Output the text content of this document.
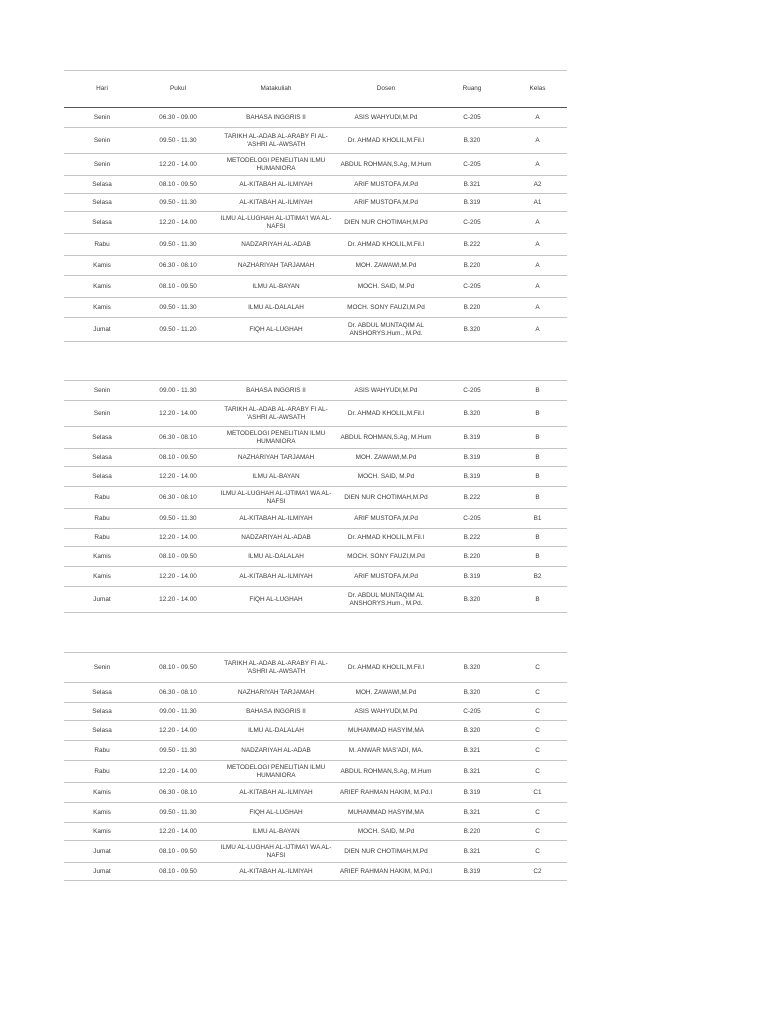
Hari	Pukul	Matakuliah	Dosen	Ruang	Kelas
Senin	06.30 - 09.00	BAHASA INGGRIS II	ASIS WAHYUDI,M.Pd	C-205	A
Senin	09.50 - 11.30	TARIKH AL-ADAB AL-ARABY FI AL-'ASHRI AL-AWSATH	Dr. AHMAD KHOLIL,M.Fil.I	B.320	A
Senin	12.20 - 14.00	METODELOGI PENELITIAN ILMU HUMANIORA	ABDUL ROHMAN,S.Ag, M.Hum	C-205	A
Selasa	08.10 - 09.50	AL-KITABAH AL-ILMIYAH	ARIF MUSTOFA,M.Pd	B.321	A2
Selasa	09.50 - 11.30	AL-KITABAH AL-ILMIYAH	ARIF MUSTOFA,M.Pd	B.319	A1
Selasa	12.20 - 14.00	ILMU AL-LUGHAH AL-IJTIMA'I WA AL-NAFSI	DIEN NUR CHOTIMAH,M.Pd	C-205	A
Rabu	09.50 - 11.30	NADZARIYAH AL-ADAB	Dr. AHMAD KHOLIL,M.Fil.I	B.222	A
Kamis	06.30 - 08.10	NAZHARIYAH TARJAMAH	MOH. ZAWAWI,M.Pd	B.220	A
Kamis	08.10 - 09.50	ILMU AL-BAYAN	MOCH. SAID, M.Pd	C-205	A
Kamis	09.50 - 11.30	ILMU AL-DALALAH	MOCH. SONY FAUZI,M.Pd	B.220	A
Jumat	09.50 - 11.20	FIQH AL-LUGHAH	Dr. ABDUL MUNTAQIM AL ANSHORYS.Hum., M.Pd.	B.320	A
Senin	09.00 - 11.30	BAHASA INGGRIS II	ASIS WAHYUDI,M.Pd	C-205	B
Senin	12.20 - 14.00	TARIKH AL-ADAB AL-ARABY FI AL-'ASHRI AL-AWSATH	Dr. AHMAD KHOLIL,M.Fil.I	B.320	B
Selasa	06.30 - 08.10	METODELOGI PENELITIAN ILMU HUMANIORA	ABDUL ROHMAN,S.Ag, M.Hum	B.319	B
Selasa	08.10 - 09.50	NAZHARIYAH TARJAMAH	MOH. ZAWAWI,M.Pd	B.319	B
Selasa	12.20 - 14.00	ILMU AL-BAYAN	MOCH. SAID, M.Pd	B.319	B
Rabu	06.30 - 08.10	ILMU AL-LUGHAH AL-IJTIMA'I WA AL-NAFSI	DIEN NUR CHOTIMAH,M.Pd	B.222	B
Rabu	09.50 - 11.30	AL-KITABAH AL-ILMIYAH	ARIF MUSTOFA,M.Pd	C-205	B1
Rabu	12.20 - 14.00	NADZARIYAH AL-ADAB	Dr. AHMAD KHOLIL,M.Fil.I	B.222	B
Kamis	08.10 - 09.50	ILMU AL-DALALAH	MOCH. SONY FAUZI,M.Pd	B.220	B
Kamis	12.20 - 14.00	AL-KITABAH AL-ILMIYAH	ARIF MUSTOFA,M.Pd	B.319	B2
Jumat	12.20 - 14.00	FIQH AL-LUGHAH	Dr. ABDUL MUNTAQIM AL ANSHORYS.Hum., M.Pd.	B.320	B
Senin	08.10 - 09.50	TARIKH AL-ADAB AL-ARABY FI AL-'ASHRI AL-AWSATH	Dr. AHMAD KHOLIL,M.Fil.I	B.320	C
Selasa	06.30 - 08.10	NAZHARIYAH TARJAMAH	MOH. ZAWAWI,M.Pd	B.320	C
Selasa	09.00 - 11.30	BAHASA INGGRIS II	ASIS WAHYUDI,M.Pd	C-205	C
Selasa	12.20 - 14.00	ILMU AL-DALALAH	MUHAMMAD HASYIM,MA	B.320	C
Rabu	09.50 - 11.30	NADZARIYAH AL-ADAB	M. ANWAR MAS'ADI, MA.	B.321	C
Rabu	12.20 - 14.00	METODELOGI PENELITIAN ILMU HUMANIORA	ABDUL ROHMAN,S.Ag, M.Hum	B.321	C
Kamis	06.30 - 08.10	AL-KITABAH AL-ILMIYAH	ARIEF RAHMAN HAKIM, M.Pd.I	B.319	C1
Kamis	09.50 - 11.30	FIQH AL-LUGHAH	MUHAMMAD HASYIM,MA	B.321	C
Kamis	12.20 - 14.00	ILMU AL-BAYAN	MOCH. SAID, M.Pd	B.220	C
Jumat	08.10 - 09.50	ILMU AL-LUGHAH AL-IJTIMA'I WA AL-NAFSI	DIEN NUR CHOTIMAH,M.Pd	B.321	C
Jumat	08.10 - 09.50	AL-KITABAH AL-ILMIYAH	ARIEF RAHMAN HAKIM, M.Pd.I	B.319	C2
